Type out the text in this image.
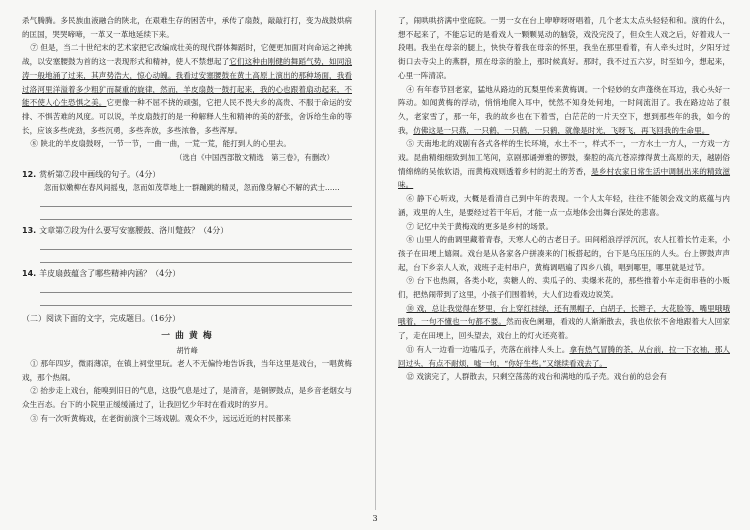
杀气腾腾。多民族血液融合的陕北，在艰难生存的困苦中，承传了扇鼓，敲敲打打，变为战鼓烘病的匡国，哭哭啼啼，一革又一革地延续下来。

⑦ 但是，当二十世纪末的艺术家把它改编成壮美的现代群体舞蹈时，它便更加面对向命运之神挑战，以安塞腰鼓为首的这一表现形式和精神，使人不禁想起了它们这种由刚健的舞蹈气势，如同浪涛一般地涌了过来，其声势浩大，惊心动魄。我看过安塞腰鼓在黄土高原上演出的那种场面，我看过洛河里洋溢着多少粗犷而凝重的旋律，然而，羊皮扇鼓一鼓打起来，我的心也跟着扇动起来，不能不使人心生恐惧之美。它更像一种不屈不挠的顽强，它把人民不畏大乡的高贵、不服于命运的安排、不惧苦难的风度。可以说，羊皮扇鼓打的是一种解释人生和精神的美的舒张，舍诉给生命的等长，应该多些虎劲，多些沉勇，多些奔放，多些浓鲁，多些浑厚。

⑧ 陕北的羊皮扇鼓呀，一节一节，一曲一曲，一荒一荒，能打到人的心里去。

（选自《中国西部散文精选　第三卷》，有删改）

12. 赏析第⑦段中画线的句子。（4分）

忽而似嫩柳在春风间摇曳，忽而如茂草地上一群蹦跳的精灵，忽而像身解心不解的武士……

13. 文章第⑦段为什么要写安塞腰鼓、洛川蹩鼓？（4分）

14. 羊皮扇鼓蕴含了哪些精神内涵？（4分）

（二）阅读下面的文字，完成题目。（16分）

一 曲 黄 梅
胡竹峰

① 那年四岁，微雨薄凉，在镇上祠堂里玩。老人不无偏怜地告诉我，当年这里是戏台，一唱黄梅戏，那个热闹。

② 抬步走上戏台，能嗅到旧日的气息，这股气息是过了，是清音，是铜锣鼓点，是乡音老烟女与众生百态。台下的小院里正缓缓涌过了，让我回忆少年时在看戏时的岁月。

③ 有一次听黄梅戏，在老街前演个三场戏剧。观众不少，远远近近的村民都来

了，闹哄哄挤满中堂庭院。一男一女在台上咿咿呀呀唱着，几个老太太点头轻轻和和。演的什么，想不起来了，不能忘记的是看戏人一颗颗晃动的脑袋，戏没完没了，但众生人戏之后，好着戏人一段唱。我坐在母亲的腿上，快快夺着我在母亲的怀里，我坐在那里看着，有人牵头过时，夕阳牙过街口去寺尖上的燕群，照在母亲的脸上，那时候真好。那时，我不过五六岁，时至如今，想起来，心里一阵清凉。

④ 有年春节回老家，猛地从路边的瓦梨里传来黄梅调。一个轻妙的女声蓬绕在耳边，我心头好一阵动。如闻黄梅的浮动，悄悄地爬入耳中，恍然不知身处何地，一时间流泪了。我在路边站了很久，老家雪了，那一年，我的故乡也在下着雪，白茫茫的一片天空下，想到那些年的我，如今的我，仿佛这是一只燕，一只鹤，一只鹤，一只鹤，就像是时光，飞呀飞，再飞回我的生命里。

⑤ 天南地北的戏剧有各式各样的生长环境，水土不一，样式不一，一方水土一方人，一方戏一方戏。昆曲精细细致到加工笔间，京剧那诵弹雅的锣鼓，秦腔的高亢苍凉撑得黄土高原的天，越剧俗情绵绵的吴侬软语，而黄梅戏则透着乡村的泥土的芳香，是乡村农家日常生活中调制出来的精致滋味。

⑥ 静下心听戏，大概是看清自己到中年的表现。一个人太年轻，往往不能领会戏文的底蕴与内涵，戏里的人生，是要经过若干年后，才能一点一点地体会出舞台深处的悲喜。

⑦ 记忆中关于黄梅戏的更多是乡村的场景。

⑧ 山里人的曲调里藏着青春，天寒人心的古老日子。田间稻浪浮浮沉沉，农人扛着长竹走来，小孩子在田埂上嬉闹。戏台是从各家各户拼凑来的门板搭起的，台下是乌压压的人头。台上锣鼓声声起，台下乡亲人人欢，戏班子走村串户，黄梅调唱遍了四乡八镇，唱到哪里，哪里就是过节。

⑨ 台下也热闹，各类小吃，卖糖人的、卖瓜子的、卖爆米花的，那些推着小车走街串巷的小贩们，把热闹带到了这里，小孩子们围着转，大人们边看戏边说笑。

⑩ 戏，总让我觉得在梦里，台上穿红挂绿，还有黑帽子，白胡子，长辫子，大花脸等，嘴里哦哦哦着，一句不懂也一句都不要。然而夜色阑珊，看戏的人渐渐散去，我也依依不舍地跟着大人回家了，走在田埂上，回头望去，戏台上的灯火还亮着。

⑪ 有人一边看一边嗑瓜子，壳落在前排人头上。拿有热气冒腾的茶，从台前，拉一下衣袖，那人回过头，有点不耐烦，嘘一句，“你好生些。”又继续看戏去了。

⑫ 戏演完了，人群散去，只剩空荡荡的戏台和满地的瓜子壳。戏台前的总会有

3
